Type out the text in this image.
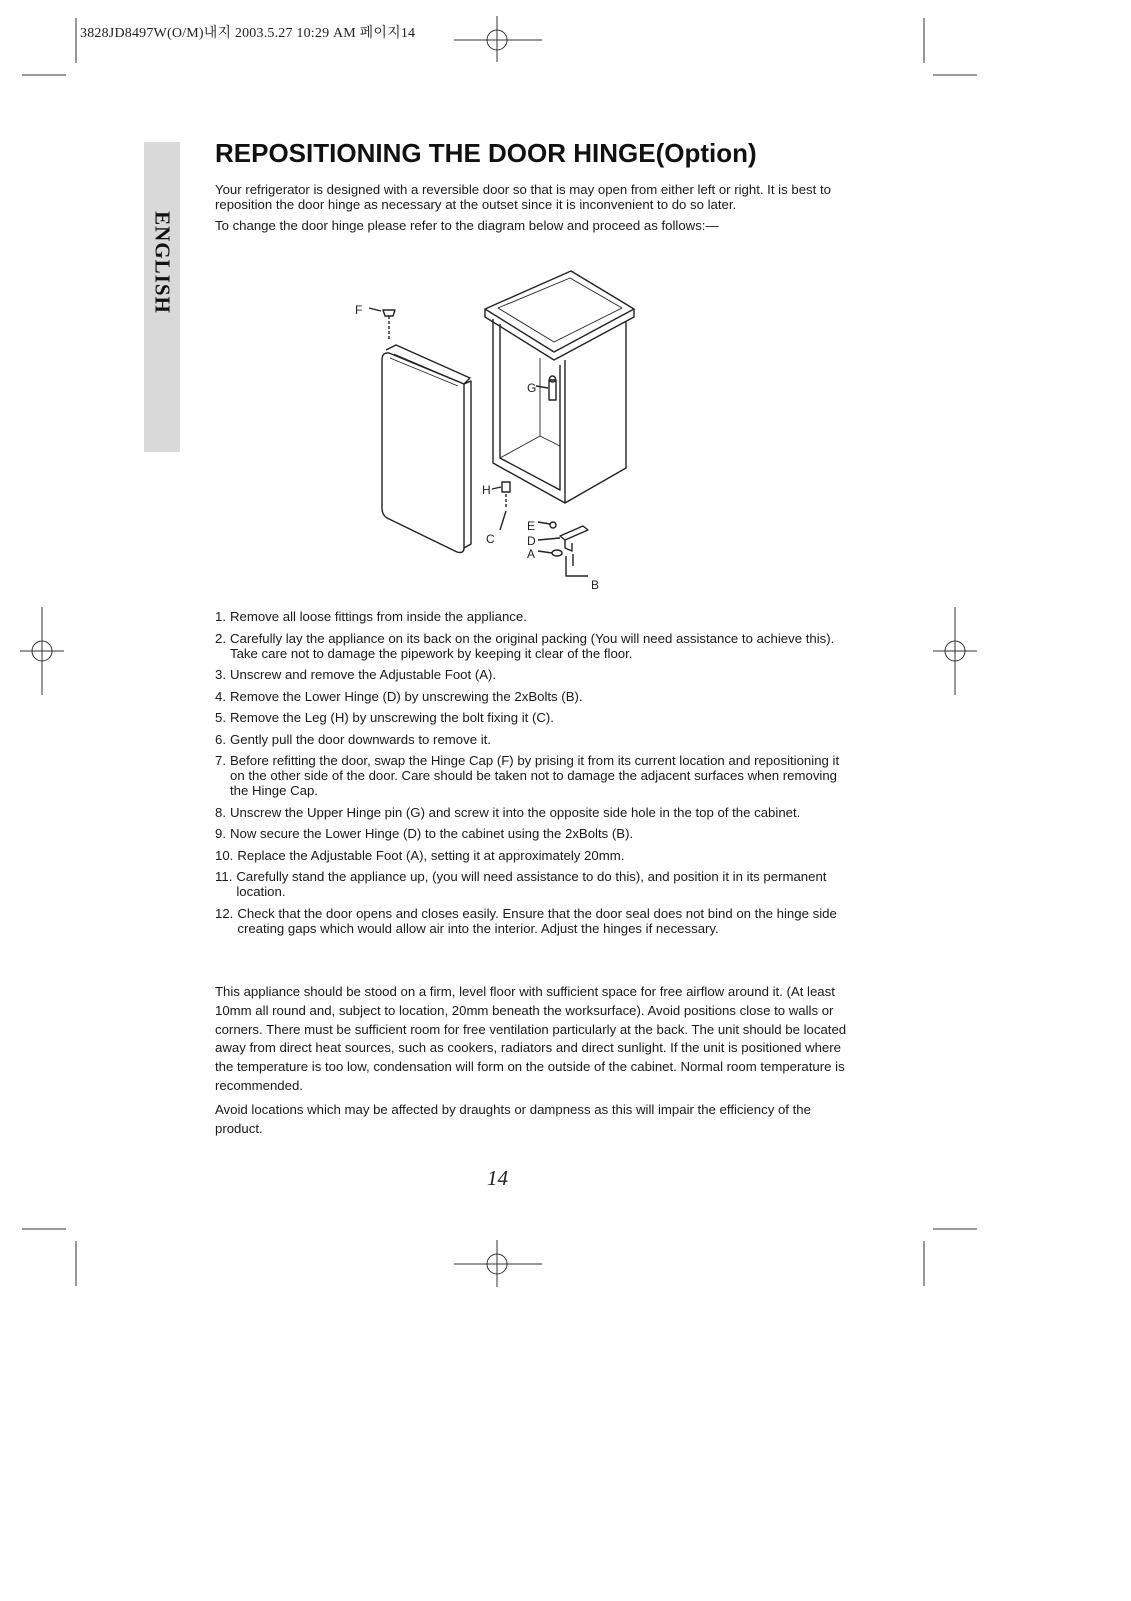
3828JD8497W(O/M)내지 2003.5.27 10:29 AM 페이지14
ENGLISH
REPOSITIONING THE DOOR HINGE(Option)

Your refrigerator is designed with a reversible door so that is may open from either left or right. It is best to reposition the door hinge as necessary at the outset since it is inconvenient to do so later.

To change the door hinge please refer to the diagram below and proceed as follows:—

F
G
H
C
E
D
A
B
1. Remove all loose fittings from inside the appliance.
2. Carefully lay the appliance on its back on the original packing (You will need assistance to achieve this). Take care not to damage the pipework by keeping it clear of the floor.
3. Unscrew and remove the Adjustable Foot (A).
4. Remove the Lower Hinge (D) by unscrewing the 2xBolts (B).
5. Remove the Leg (H) by unscrewing the bolt fixing it (C).
6. Gently pull the door downwards to remove it.
7. Before refitting the door, swap the Hinge Cap (F) by prising it from its current location and repositioning it on the other side of the door. Care should be taken not to damage the adjacent surfaces when removing the Hinge Cap.
8. Unscrew the Upper Hinge pin (G) and screw it into the opposite side hole in the top of the cabinet.
9. Now secure the Lower Hinge (D) to the cabinet using the 2xBolts (B).
10. Replace the Adjustable Foot (A), setting it at approximately 20mm.
11. Carefully stand the appliance up, (you will need assistance to do this), and position it in its permanent location.
12. Check that the door opens and closes easily. Ensure that the door seal does not bind on the hinge side creating gaps which would allow air into the interior. Adjust the hinges if necessary.

This appliance should be stood on a firm, level floor with sufficient space for free airflow around it. (At least 10mm all round and, subject to location, 20mm beneath the worksurface). Avoid positions close to walls or corners. There must be sufficient room for free ventilation particularly at the back. The unit should be located away from direct heat sources, such as cookers, radiators and direct sunlight. If the unit is positioned where the temperature is too low, condensation will form on the outside of the cabinet. Normal room temperature is recommended.

Avoid locations which may be affected by draughts or dampness as this will impair the efficiency of the product.

14
